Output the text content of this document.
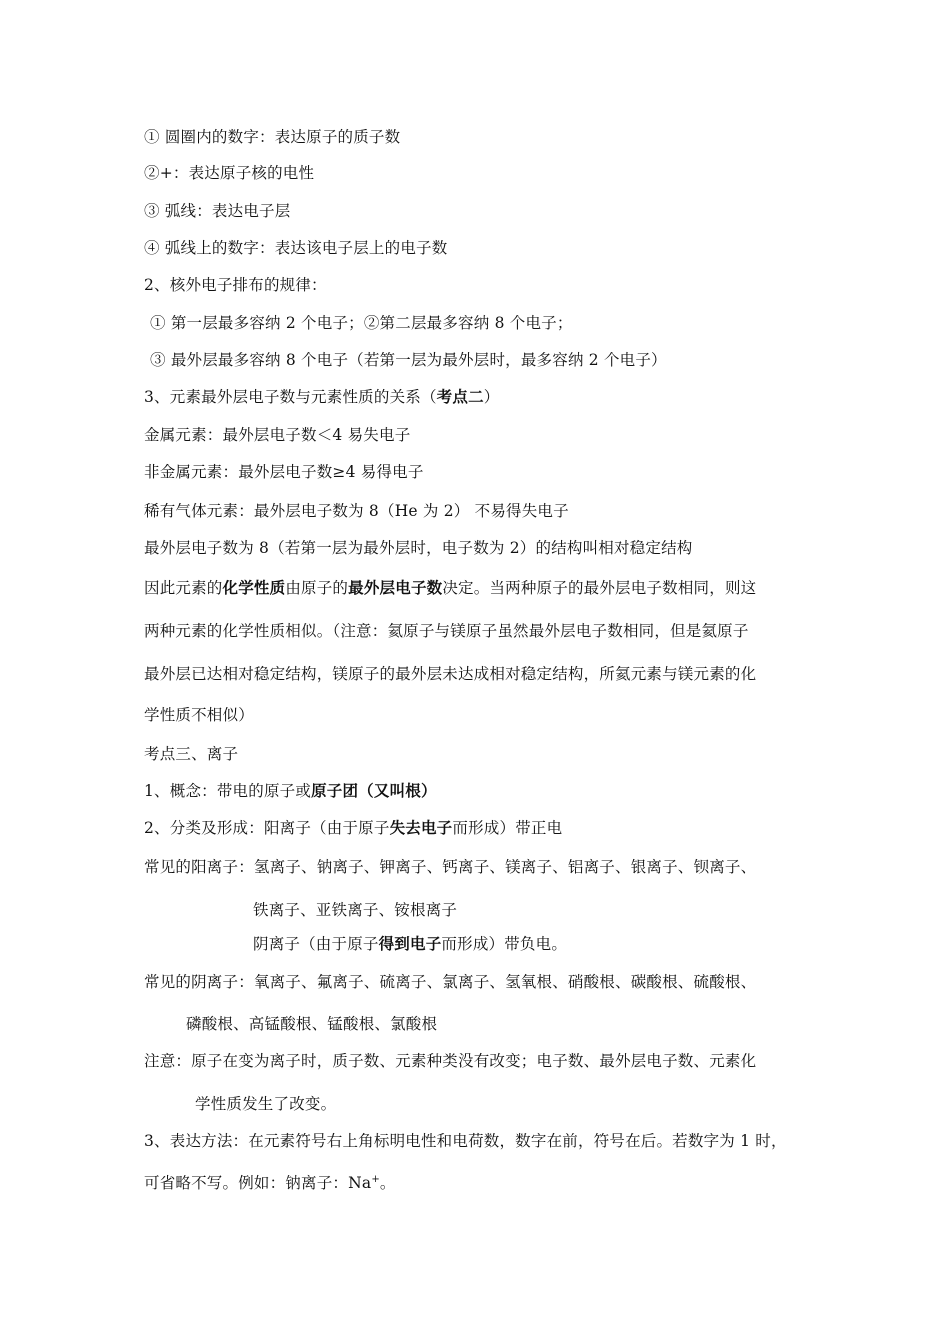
① 圆圈内的数字：表达原子的质子数
②+：表达原子核的电性
③ 弧线：表达电子层
④ 弧线上的数字：表达该电子层上的电子数
2、核外电子排布的规律：
① 第一层最多容纳 2 个电子；②第二层最多容纳 8 个电子；
③ 最外层最多容纳 8 个电子（若第一层为最外层时，最多容纳 2 个电子）
3、元素最外层电子数与元素性质的关系（考点二）
金属元素：最外层电子数＜4 易失电子
非金属元素：最外层电子数≥4 易得电子
稀有气体元素：最外层电子数为 8（He 为 2） 不易得失电子
最外层电子数为 8（若第一层为最外层时，电子数为 2）的结构叫相对稳定结构
因此元素的化学性质由原子的最外层电子数决定。当两种原子的最外层电子数相同，则这
两种元素的化学性质相似。（注意：氦原子与镁原子虽然最外层电子数相同，但是氦原子
最外层已达相对稳定结构，镁原子的最外层未达成相对稳定结构，所氦元素与镁元素的化
学性质不相似）
考点三、离子
1、概念：带电的原子或原子团（又叫根）
2、分类及形成：阳离子（由于原子失去电子而形成）带正电
常见的阳离子：氢离子、钠离子、钾离子、钙离子、镁离子、铝离子、银离子、钡离子、
铁离子、亚铁离子、铵根离子
阴离子（由于原子得到电子而形成）带负电。
常见的阴离子：氧离子、氟离子、硫离子、氯离子、氢氧根、硝酸根、碳酸根、硫酸根、
磷酸根、高锰酸根、锰酸根、氯酸根
注意：原子在变为离子时，质子数、元素种类没有改变；电子数、最外层电子数、元素化
学性质发生了改变。
3、表达方法：在元素符号右上角标明电性和电荷数，数字在前，符号在后。若数字为 1 时，
可省略不写。例如：钠离子：Na+。
